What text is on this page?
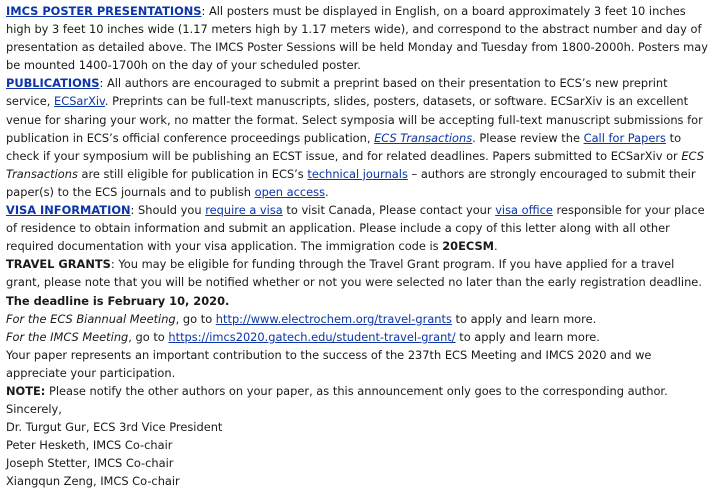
IMCS POSTER PRESENTATIONS: All posters must be displayed in English, on a board approximately 3 feet 10 inches high by 3 feet 10 inches wide (1.17 meters high by 1.17 meters wide), and correspond to the abstract number and day of presentation as detailed above. The IMCS Poster Sessions will be held Monday and Tuesday from 1800-2000h. Posters may be mounted 1400-1700h on the day of your scheduled poster.

PUBLICATIONS: All authors are encouraged to submit a preprint based on their presentation to ECS’s new preprint service, ECSarXiv. Preprints can be full-text manuscripts, slides, posters, datasets, or software. ECSarXiv is an excellent venue for sharing your work, no matter the format. Select symposia will be accepting full-text manuscript submissions for publication in ECS’s official conference proceedings publication, ECS Transactions. Please review the Call for Papers to check if your symposium will be publishing an ECST issue, and for related deadlines. Papers submitted to ECSarXiv or ECS Transactions are still eligible for publication in ECS’s technical journals – authors are strongly encouraged to submit their paper(s) to the ECS journals and to publish open access.

VISA INFORMATION: Should you require a visa to visit Canada, Please contact your visa office responsible for your place of residence to obtain information and submit an application. Please include a copy of this letter along with all other required documentation with your visa application. The immigration code is 20ECSM.

TRAVEL GRANTS: You may be eligible for funding through the Travel Grant program. If you have applied for a travel grant, please note that you will be notified whether or not you were selected no later than the early registration deadline. The deadline is February 10, 2020.

For the ECS Biannual Meeting, go to http://www.electrochem.org/travel-grants to apply and learn more.

For the IMCS Meeting, go to https://imcs2020.gatech.edu/student-travel-grant/ to apply and learn more.

Your paper represents an important contribution to the success of the 237th ECS Meeting and IMCS 2020 and we appreciate your participation.

NOTE: Please notify the other authors on your paper, as this announcement only goes to the corresponding author.

Sincerely,

Dr. Turgut Gur, ECS 3rd Vice President

Peter Hesketh, IMCS Co-chair

Joseph Stetter, IMCS Co-chair

Xiangqun Zeng, IMCS Co-chair
